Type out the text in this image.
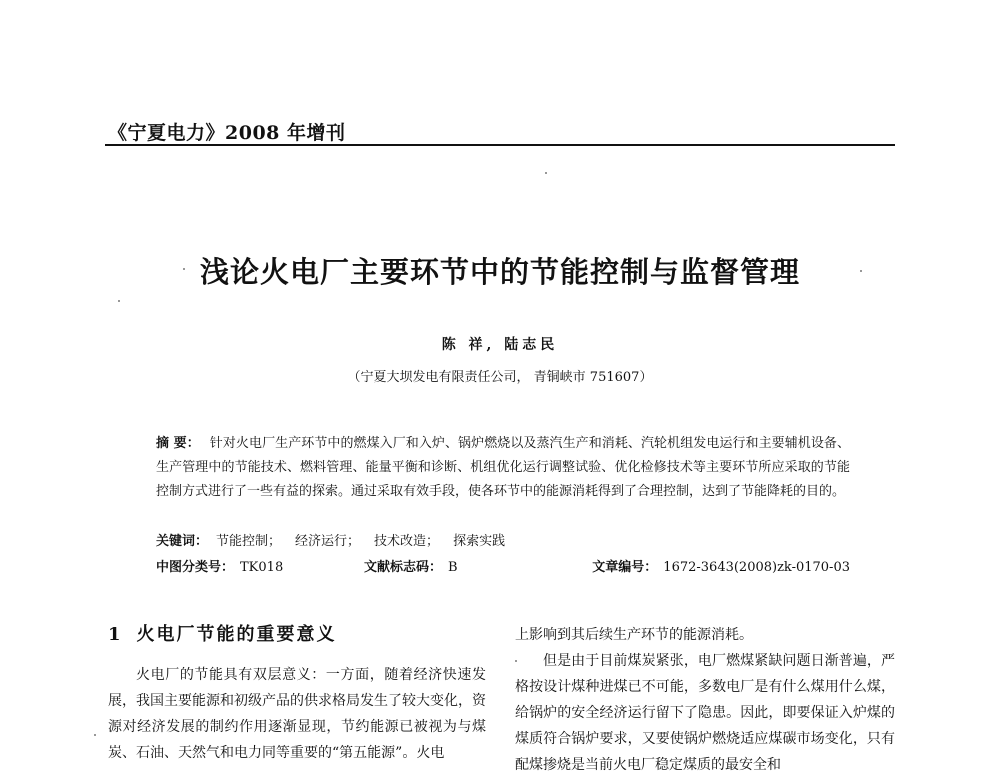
《宁夏电力》2008 年增刊
浅论火电厂主要环节中的节能控制与监督管理
陈 祥, 陆志民
（宁夏大坝发电有限责任公司， 青铜峡市 751607）
摘 要： 针对火电厂生产环节中的燃煤入厂和入炉、锅炉燃烧以及蒸汽生产和消耗、汽轮机组发电运行和主要辅机设备、生产管理中的节能技术、燃料管理、能量平衡和诊断、机组优化运行调整试验、优化检修技术等主要环节所应采取的节能控制方式进行了一些有益的探索。通过采取有效手段，使各环节中的能源消耗得到了合理控制，达到了节能降耗的目的。
关键词： 节能控制； 经济运行； 技术改造； 探索实践
中图分类号： TK018	文献标志码： B	文章编号： 1672-3643(2008)zk-0170-03
1 火电厂节能的重要意义

火电厂的节能具有双层意义：一方面，随着经济快速发展，我国主要能源和初级产品的供求格局发生了较大变化，资源对经济发展的制约作用逐渐显现，节约能源已被视为与煤炭、石油、天然气和电力同等重要的“第五能源”。火电

上影响到其后续生产环节的能源消耗。

但是由于目前煤炭紧张，电厂燃煤紧缺问题日渐普遍，严格按设计煤种进煤已不可能，多数电厂是有什么煤用什么煤，给锅炉的安全经济运行留下了隐患。因此，即要保证入炉煤的煤质符合锅炉要求，又要使锅炉燃烧适应煤碳市场变化，只有配煤掺烧是当前火电厂稳定煤质的最安全和
